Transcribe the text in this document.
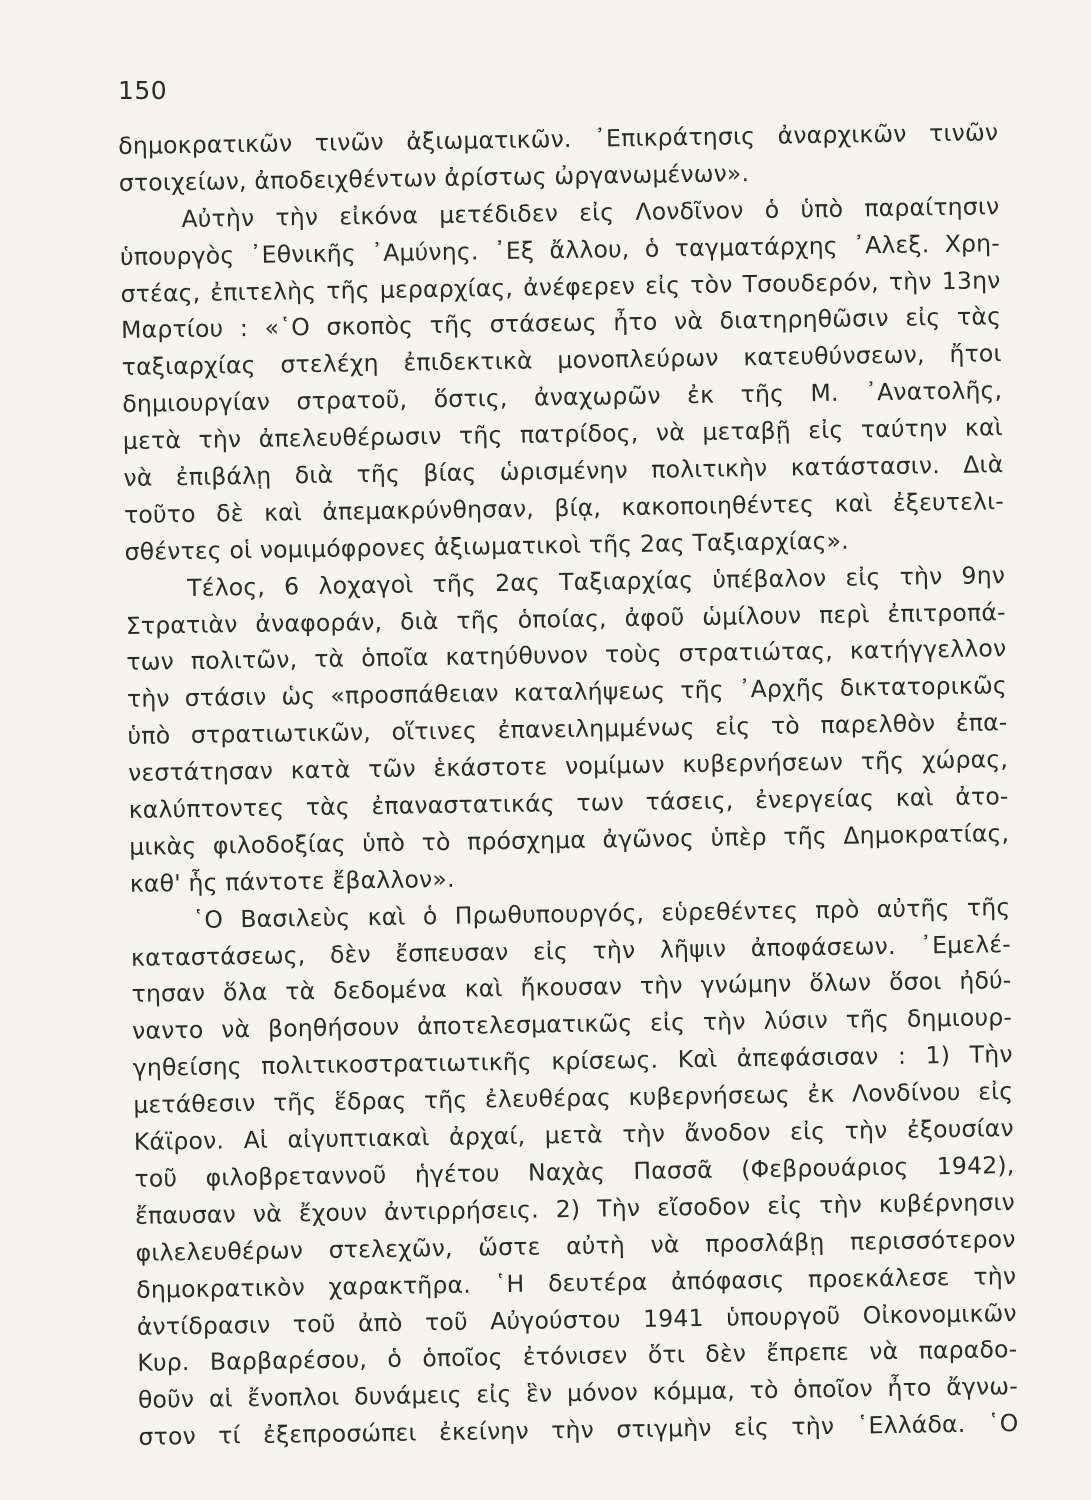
150
δημοκρατικῶν τινῶν ἀξιωματικῶν. ᾿Επικράτησις ἀναρχικῶν τινῶν
στοιχείων, ἀποδειχθέντων ἀρίστως ὠργανωμένων».
Αὐτὴν τὴν εἰκόνα μετέδιδεν εἰς Λονδῖνον ὁ ὑπὸ παραίτησιν
ὑπουργὸς ᾿Εθνικῆς ᾿Αμύνης. ᾿Εξ ἄλλου, ὁ ταγματάρχης ᾿Αλεξ. Χρη-
στέας, ἐπιτελὴς τῆς μεραρχίας, ἀνέφερεν εἰς τὸν Τσουδερόν, τὴν 13ην
Μαρτίου : «῾Ο σκοπὸς τῆς στάσεως ἦτο νὰ διατηρηθῶσιν εἰς τὰς
ταξιαρχίας στελέχη ἐπιδεκτικὰ μονοπλεύρων κατευθύνσεων, ἤτοι
δημιουργίαν στρατοῦ, ὅστις, ἀναχωρῶν ἐκ τῆς Μ. ᾿Ανατολῆς,
μετὰ τὴν ἀπελευθέρωσιν τῆς πατρίδος, νὰ μεταβῇ εἰς ταύτην καὶ
νὰ ἐπιβάλῃ διὰ τῆς βίας ὡρισμένην πολιτικὴν κατάστασιν. Διὰ
τοῦτο δὲ καὶ ἀπεμακρύνθησαν, βίᾳ, κακοποιηθέντες καὶ ἐξευτελι-
σθέντες οἱ νομιμόφρονες ἀξιωματικοὶ τῆς 2ας Ταξιαρχίας».
Τέλος, 6 λοχαγοὶ τῆς 2ας Ταξιαρχίας ὑπέβαλον εἰς τὴν 9ην
Στρατιὰν ἀναφοράν, διὰ τῆς ὁποίας, ἀφοῦ ὡμίλουν περὶ ἐπιτροπά-
των πολιτῶν, τὰ ὁποῖα κατηύθυνον τοὺς στρατιώτας, κατήγγελλον
τὴν στάσιν ὡς «προσπάθειαν καταλήψεως τῆς ᾿Αρχῆς δικτατορικῶς
ὑπὸ στρατιωτικῶν, οἵτινες ἐπανειλημμένως εἰς τὸ παρελθὸν ἐπα-
νεστάτησαν κατὰ τῶν ἑκάστοτε νομίμων κυβερνήσεων τῆς χώρας,
καλύπτοντες τὰς ἐπαναστατικάς των τάσεις, ἐνεργείας καὶ ἀτο-
μικὰς φιλοδοξίας ὑπὸ τὸ πρόσχημα ἀγῶνος ὑπὲρ τῆς Δημοκρατίας,
καθ' ἧς πάντοτε ἔβαλλον».
῾Ο Βασιλεὺς καὶ ὁ Πρωθυπουργός, εὑρεθέντες πρὸ αὐτῆς τῆς
καταστάσεως, δὲν ἔσπευσαν εἰς τὴν λῆψιν ἀποφάσεων. ᾿Εμελέ-
τησαν ὅλα τὰ δεδομένα καὶ ἤκουσαν τὴν γνώμην ὅλων ὅσοι ἠδύ-
ναντο νὰ βοηθήσουν ἀποτελεσματικῶς εἰς τὴν λύσιν τῆς δημιουρ-
γηθείσης πολιτικοστρατιωτικῆς κρίσεως. Καὶ ἀπεφάσισαν : 1) Τὴν
μετάθεσιν τῆς ἕδρας τῆς ἐλευθέρας κυβερνήσεως ἐκ Λονδίνου εἰς
Κάϊρον. Αἱ αἰγυπτιακαὶ ἀρχαί, μετὰ τὴν ἄνοδον εἰς τὴν ἐξουσίαν
τοῦ φιλοβρεταννοῦ ἡγέτου Ναχὰς Πασσᾶ (Φεβρουάριος 1942),
ἔπαυσαν νὰ ἔχουν ἀντιρρήσεις. 2) Τὴν εἴσοδον εἰς τὴν κυβέρνησιν
φιλελευθέρων στελεχῶν, ὥστε αὐτὴ νὰ προσλάβῃ περισσότερον
δημοκρατικὸν χαρακτῆρα. ῾Η δευτέρα ἀπόφασις προεκάλεσε τὴν
ἀντίδρασιν τοῦ ἀπὸ τοῦ Αὐγούστου 1941 ὑπουργοῦ Οἰκονομικῶν
Κυρ. Βαρβαρέσου, ὁ ὁποῖος ἐτόνισεν ὅτι δὲν ἔπρεπε νὰ παραδο-
θοῦν αἱ ἔνοπλοι δυνάμεις εἰς ἓν μόνον κόμμα, τὸ ὁποῖον ἦτο ἄγνω-
στον τί ἐξεπροσώπει ἐκείνην τὴν στιγμὴν εἰς τὴν ῾Ελλάδα. ῾Ο
